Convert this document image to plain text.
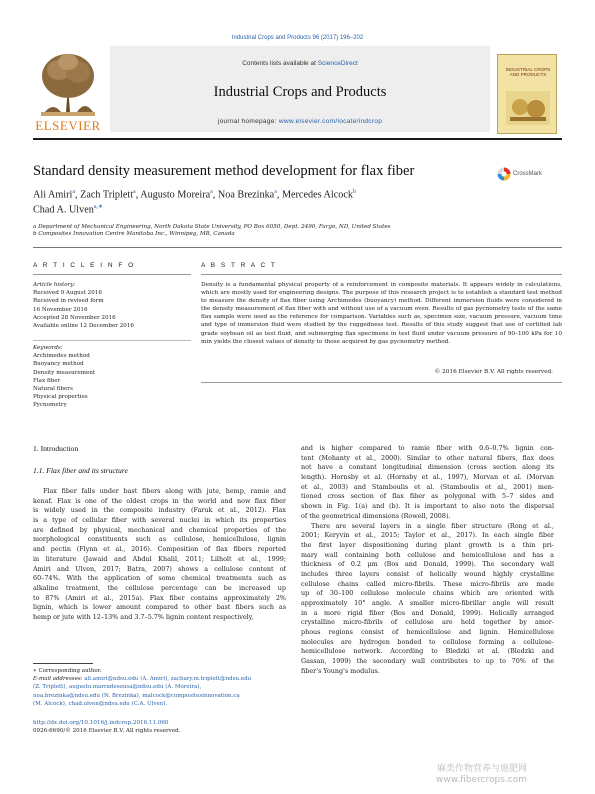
Industrial Crops and Products 96 (2017) 196–202
ELSEVIER
Contents lists available at ScienceDirect
Industrial Crops and Products
journal homepage: www.elsevier.com/locate/indcrop
INDUSTRIAL CROPS AND PRODUCTS
Standard density measurement method development for flax fiber	CrossMark
Ali Amiri$^a$, Zach Triplett$^a$, Augusto Moreira$^a$, Noa Brezinka$^a$, Mercedes Alcock$^b$
Chad A. Ulven$^{a,∗}$
a Department of Mechanical Engineering, North Dakota State University, PO Box 6050, Dept. 2490, Fargo, ND, United States
b Composites Innovation Centre Manitoba Inc., Winnipeg, MB, Canada
A R T I C L E I N F O	A B S T R A C T
Article history:
Received 9 August 2016
Received in revised form
16 November 2016
Accepted 28 November 2016
Available online 12 December 2016
Keywords:
Archimedes method
Buoyancy method
Density measurement
Flax fiber
Natural fibers
Physical properties
Pycnometry
Density is a fundamental physical property of a reinforcement in composite materials. It appears widely in calculations, which are mostly used for engineering designs. The purpose of this research project is to establish a standard test method to measure the density of flax fiber using Archimedes (buoyancy) method. Different immersion fluids were considered in the density measurement of flax fiber with and without use of a vacuum oven. Results of gas pycnometry tests of the same flax sample were used as the reference for comparison. Variables such as, specimen size, vacuum pressure, vacuum time and type of immersion fluid were studied by the ruggedness test. Results of this study suggest that use of certified lab grade soybean oil as test fluid, and submerging flax specimens in test fluid under vacuum pressure of 90–100 kPa for 10 min yields the closest values of density to those acquired by gas pycnometry method.
© 2016 Elsevier B.V. All rights reserved.
1. Introduction
1.1. Flax fiber and its structure
Flax fiber falls under bast fibers along with jute, hemp, ramie and
kenaf. Flax is one of the oldest crops in the world and now flax fiber
is widely used in the composite industry (Faruk et al., 2012). Flax
is a type of cellular fiber with several nuclei in which its properties
are defined by physical, mechanical and chemical properties of the
morphological constituents such as cellulose, hemicellulose, lignin
and pectin (Flynn et al., 2016). Composition of flax fibers reported
in literature (Jawaid and Abdul Khalil, 2011; Lilholt et al., 1999;
Amiri and Ulven, 2017; Batra, 2007) shows a cellulose content of
60–74%. With the application of some chemical treatments such as
alkaline treatment, the cellulose percentage can be increased up
to 87% (Amiri et al., 2015a). Flax fiber contains approximately 2%
lignin, which is lower amount compared to other bast fibers such as
hemp or jute with 12–13% and 3.7–5.7% lignin content respectively,
and is higher compared to ramie fiber with 0.6–0.7% lignin con-
tent (Mohanty et al., 2000). Similar to other natural fibers, flax does
not have a constant longitudinal dimension (cross section along its
length). Hornsby et al. (Hornsby et al., 1997), Morvan et al. (Morvan
et al., 2003) and Stamboulis et al. (Stamboulis et al., 2001) men-
tioned cross section of flax fiber as polygonal with 5–7 sides and
shown in Fig. 1(a) and (b). It is important to also note the dispersal
of the geometrical dimensions (Rowell, 2008).
There are several layers in a single fiber structure (Rong et al.,
2001; Keryvin et al., 2015; Taylor et al., 2017). In each single fiber
the first layer dispositioning during plant growth is a thin pri-
mary wall containing both cellulose and hemicellulose and has a
thickness of 0.2 μm (Bos and Donald, 1999). The secondary wall
includes three layers consist of helically wound highly crystalline
cellulose chains called micro-fibrils. These micro-fibrils are made
up of 30–100 cellulose molecule chains which are oriented with
approximately 10° angle. A smaller micro-fibrillar angle will result
in a more rigid fiber (Bos and Donald, 1999). Helically arranged
crystalline micro-fibrils of cellulose are held together by amor-
phous regions consist of hemicellulose and lignin. Hemicellulose
molecules are hydrogen bonded to cellulose forming a cellulose-
hemicellulose network. According to Bledzki et al. (Bledzki and
Gassan, 1999) the secondary wall contributes to up to 70% of the
fiber's Young's modulus.
∗ Corresponding author.
E-mail addresses: ali.amiri@ndsu.edu (A. Amiri), zachary.m.triplett@ndsu.edu
(Z. Triplett), augusto.marradesousa@ndsu.edu (A. Moreira),
noa.brezinka@ndsu.edu (N. Brezinka), malcock@compositesinnovation.ca
(M. Alcock), chad.ulven@ndsu.edu (C.A. Ulven).
http://dx.doi.org/10.1016/j.indcrop.2016.11.060
0926-6690/© 2016 Elsevier B.V. All rights reserved.
麻类作物营养与施肥网
www.fibercrops.com
